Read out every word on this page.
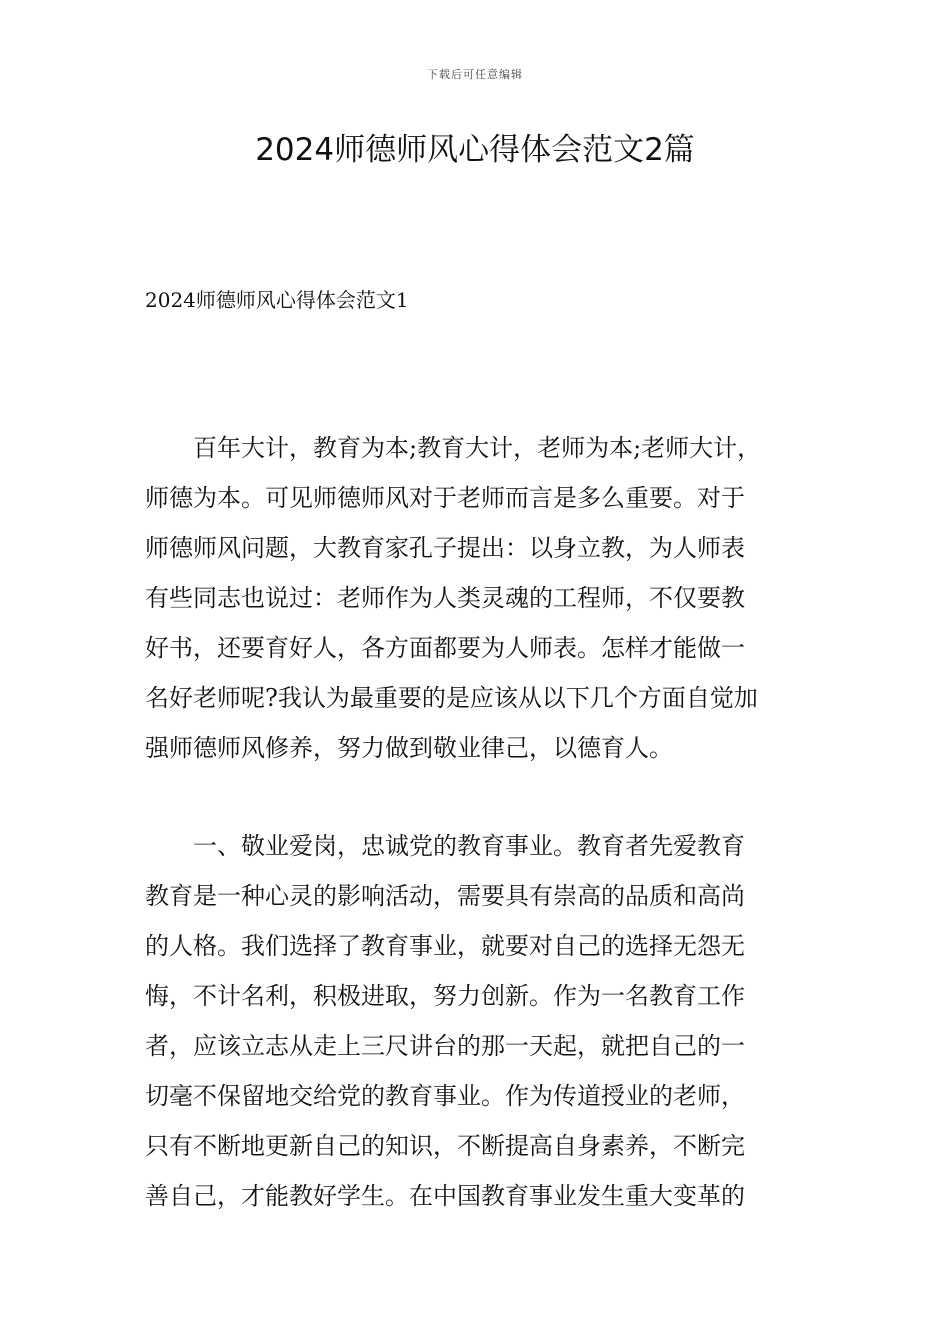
下载后可任意编辑
2024师德师风心得体会范文2篇
2024师德师风心得体会范文1
百年大计，教育为本;教育大计，老师为本;老师大计，
师德为本。可见师德师风对于老师而言是多么重要。对于
师德师风问题，大教育家孔子提出：以身立教，为人师表
有些同志也说过：老师作为人类灵魂的工程师，不仅要教
好书，还要育好人，各方面都要为人师表。怎样才能做一
名好老师呢?我认为最重要的是应该从以下几个方面自觉加
强师德师风修养，努力做到敬业律己，以德育人。
一、敬业爱岗，忠诚党的教育事业。教育者先爱教育
教育是一种心灵的影响活动，需要具有崇高的品质和高尚
的人格。我们选择了教育事业，就要对自己的选择无怨无
悔，不计名利，积极进取，努力创新。作为一名教育工作
者，应该立志从走上三尺讲台的那一天起，就把自己的一
切毫不保留地交给党的教育事业。作为传道授业的老师，
只有不断地更新自己的知识，不断提高自身素养，不断完
善自己，才能教好学生。在中国教育事业发生重大变革的
